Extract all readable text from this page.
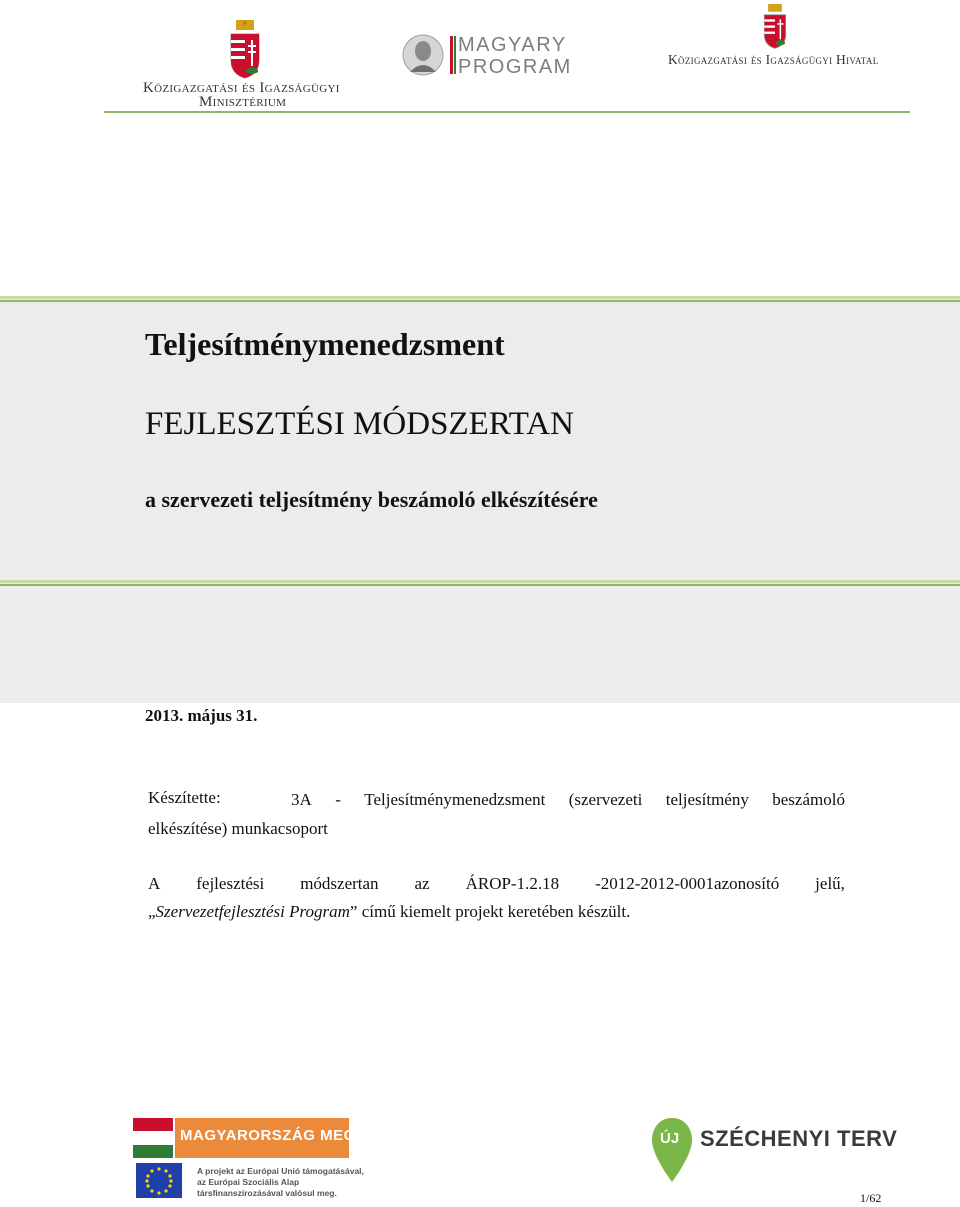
Közigazgatási és Igazságügyi
Minisztérium
MAGYARY
PROGRAM	Közigazgatási és Igazságügyi Hivatal
Teljesítménymenedzsment
FEJLESZTÉSI MÓDSZERTAN
a szervezeti teljesítmény beszámoló elkészítésére
2013. május 31.
Készítette:	3A - Teljesítménymenedzsment (szervezeti teljesítmény beszámoló
elkészítése) munkacsoport
A fejlesztési módszertan az ÁROP-1.2.18 -2012-2012-0001azonosító jelű,
„Szervezetfejlesztési Program” című kiemelt projekt keretében készült.
MAGYARORSZÁG MEGÚJUL
A projekt az Európai Unió támogatásával,
az Európai Szociális Alap
társfinanszírozásával valósul meg.
ÚJ SZÉCHENYI TERV
1/62
